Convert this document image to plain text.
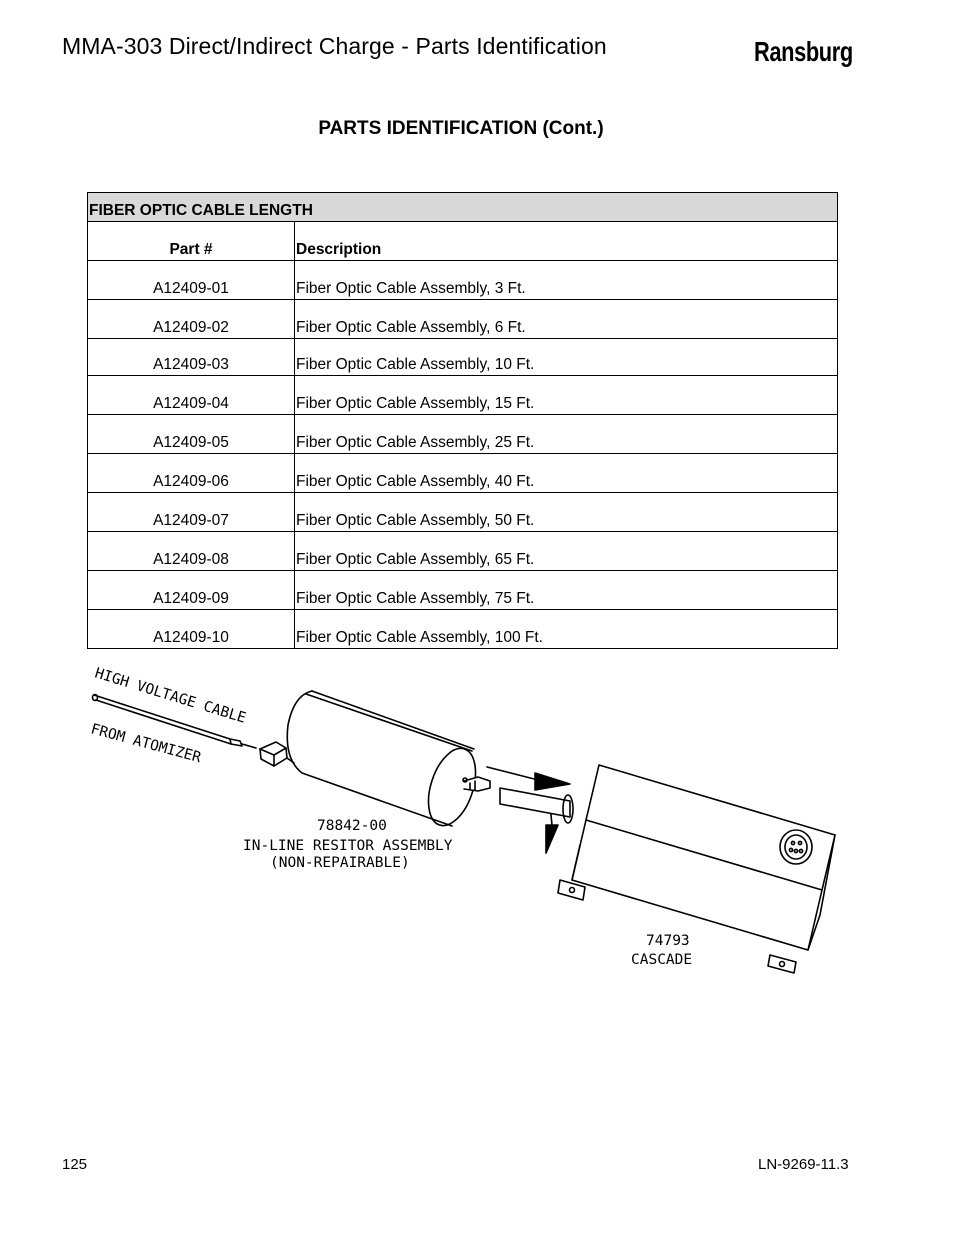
MMA-303 Direct/Indirect Charge - Parts Identification	Ransburg
PARTS IDENTIFICATION (Cont.)
FIBER OPTIC CABLE LENGTH	
Part #	Description
A12409-01	Fiber Optic Cable Assembly, 3 Ft.
A12409-02	Fiber Optic Cable Assembly, 6 Ft.
A12409-03	Fiber Optic Cable Assembly, 10 Ft.
A12409-04	Fiber Optic Cable Assembly, 15 Ft.
A12409-05	Fiber Optic Cable Assembly, 25 Ft.
A12409-06	Fiber Optic Cable Assembly, 40 Ft.
A12409-07	Fiber Optic Cable Assembly, 50 Ft.
A12409-08	Fiber Optic Cable Assembly, 65 Ft.
A12409-09	Fiber Optic Cable Assembly, 75 Ft.
A12409-10	Fiber Optic Cable Assembly, 100 Ft.
HIGH VOLTAGE CABLE
FROM ATOMIZER
78842-00
IN-LINE RESITOR ASSEMBLY
(NON-REPAIRABLE)
74793
CASCADE
125	LN-9269-11.3
